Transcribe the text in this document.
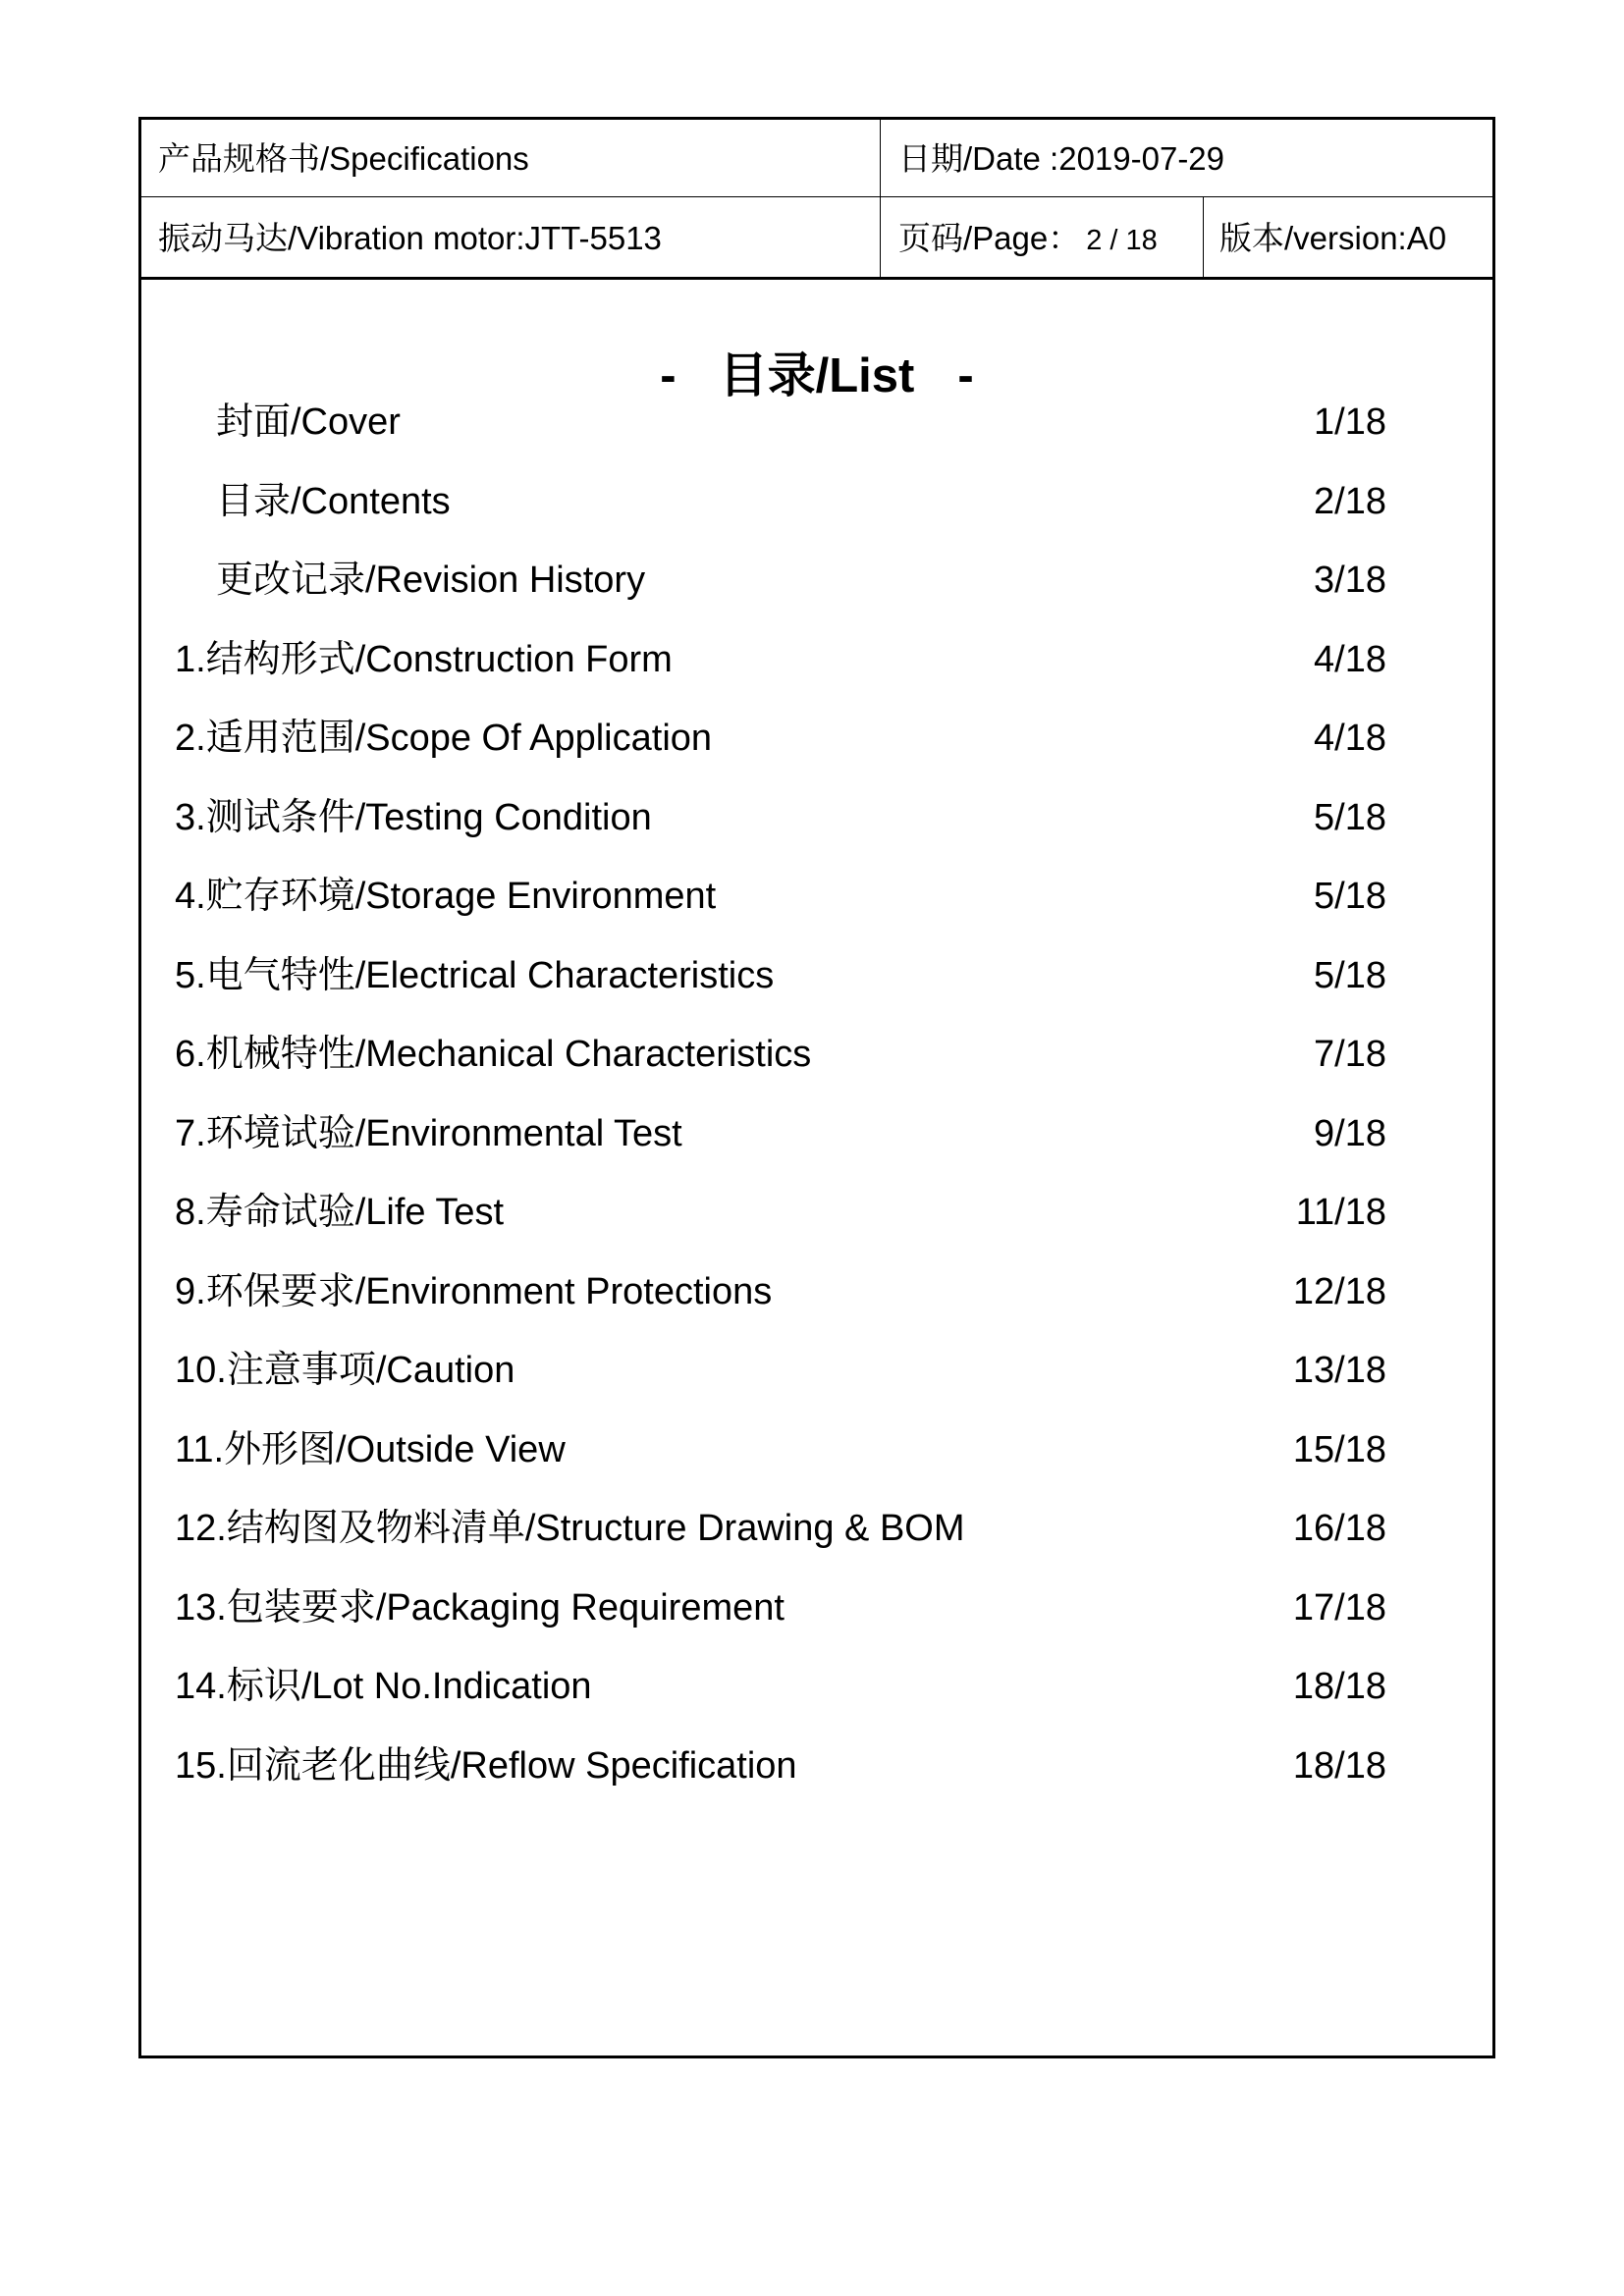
产品规格书/Specifications	日期/Date :2019-07-29
振动马达/Vibration motor:JTT-5513	页码/Page： 2 / 18 版本/version:A0
- 目录/List -
封面/Cover	1/18
目录/Contents	2/18
更改记录/Revision History	3/18
1.结构形式/Construction Form	4/18
2.适用范围/Scope Of Application	4/18
3.测试条件/Testing Condition	5/18
4.贮存环境/Storage Environment	5/18
5.电气特性/Electrical Characteristics	5/18
6.机械特性/Mechanical Characteristics	7/18
7.环境试验/Environmental Test	9/18
8.寿命试验/Life Test	11/18
9.环保要求/Environment Protections	12/18
10.注意事项/Caution	13/18
11.外形图/Outside View	15/18
12.结构图及物料清单/Structure Drawing & BOM	16/18
13.包装要求/Packaging Requirement	17/18
14.标识/Lot No.Indication	18/18
15.回流老化曲线/Reflow Specification	18/18
